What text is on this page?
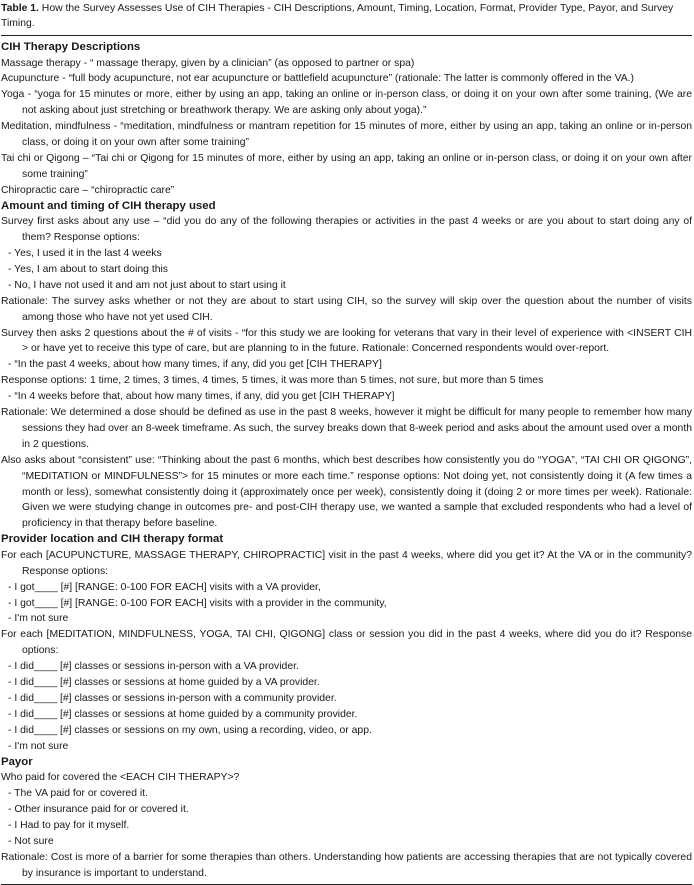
Table 1. How the Survey Assesses Use of CIH Therapies - CIH Descriptions, Amount, Timing, Location, Format, Provider Type, Payor, and Survey Timing.
CIH Therapy Descriptions
Massage therapy - “ massage therapy, given by a clinician” (as opposed to partner or spa)
Acupuncture - “full body acupuncture, not ear acupuncture or battlefield acupuncture” (rationale: The latter is commonly offered in the VA.)
Yoga - “yoga for 15 minutes or more, either by using an app, taking an online or in-person class, or doing it on your own after some training, (We are not asking about just stretching or breathwork therapy. We are asking only about yoga).”
Meditation, mindfulness - “meditation, mindfulness or mantram repetition for 15 minutes of more, either by using an app, taking an online or in-person class, or doing it on your own after some training”
Tai chi or Qigong – “Tai chi or Qigong for 15 minutes of more, either by using an app, taking an online or in-person class, or doing it on your own after some training”
Chiropractic care – “chiropractic care”
Amount and timing of CIH therapy used
Survey first asks about any use – “did you do any of the following therapies or activities in the past 4 weeks or are you about to start doing any of them? Response options:
- Yes, I used it in the last 4 weeks
- Yes, I am about to start doing this
- No, I have not used it and am not just about to start using it
Rationale: The survey asks whether or not they are about to start using CIH, so the survey will skip over the question about the number of visits among those who have not yet used CIH.
Survey then asks 2 questions about the # of visits - “for this study we are looking for veterans that vary in their level of experience with <INSERT CIH > or have yet to receive this type of care, but are planning to in the future. Rationale: Concerned respondents would over-report.
- “In the past 4 weeks, about how many times, if any, did you get [CIH THERAPY]
Response options: 1 time, 2 times, 3 times, 4 times, 5 times, it was more than 5 times, not sure, but more than 5 times
- “In 4 weeks before that, about how many times, if any, did you get [CIH THERAPY]
Rationale: We determined a dose should be defined as use in the past 8 weeks, however it might be difficult for many people to remember how many sessions they had over an 8-week timeframe. As such, the survey breaks down that 8-week period and asks about the amount used over a month in 2 questions.
Also asks about “consistent” use: “Thinking about the past 6 months, which best describes how consistently you do “YOGA”, “TAI CHI OR QIGONG”, “MEDITATION or MINDFULNESS”> for 15 minutes or more each time.” response options: Not doing yet, not consistently doing it (A few times a month or less), somewhat consistently doing it (approximately once per week), consistently doing it (doing 2 or more times per week). Rationale: Given we were studying change in outcomes pre- and post-CIH therapy use, we wanted a sample that excluded respondents who had a level of proficiency in that therapy before baseline.
Provider location and CIH therapy format
For each [ACUPUNCTURE, MASSAGE THERAPY, CHIROPRACTIC] visit in the past 4 weeks, where did you get it? At the VA or in the community? Response options:
- I got____ [#] [RANGE: 0-100 FOR EACH] visits with a VA provider,
- I got____ [#] [RANGE: 0-100 FOR EACH] visits with a provider in the community,
- I'm not sure
For each [MEDITATION, MINDFULNESS, YOGA, TAI CHI, QIGONG] class or session you did in the past 4 weeks, where did you do it? Response options:
- I did____ [#] classes or sessions in-person with a VA provider.
- I did____ [#] classes or sessions at home guided by a VA provider.
- I did____ [#] classes or sessions in-person with a community provider.
- I did____ [#] classes or sessions at home guided by a community provider.
- I did____ [#] classes or sessions on my own, using a recording, video, or app.
- I'm not sure
Payor
Who paid for covered the <EACH CIH THERAPY>?
- The VA paid for or covered it.
- Other insurance paid for or covered it.
- I Had to pay for it myself.
- Not sure
Rationale: Cost is more of a barrier for some therapies than others. Understanding how patients are accessing therapies that are not typically covered by insurance is important to understand.
